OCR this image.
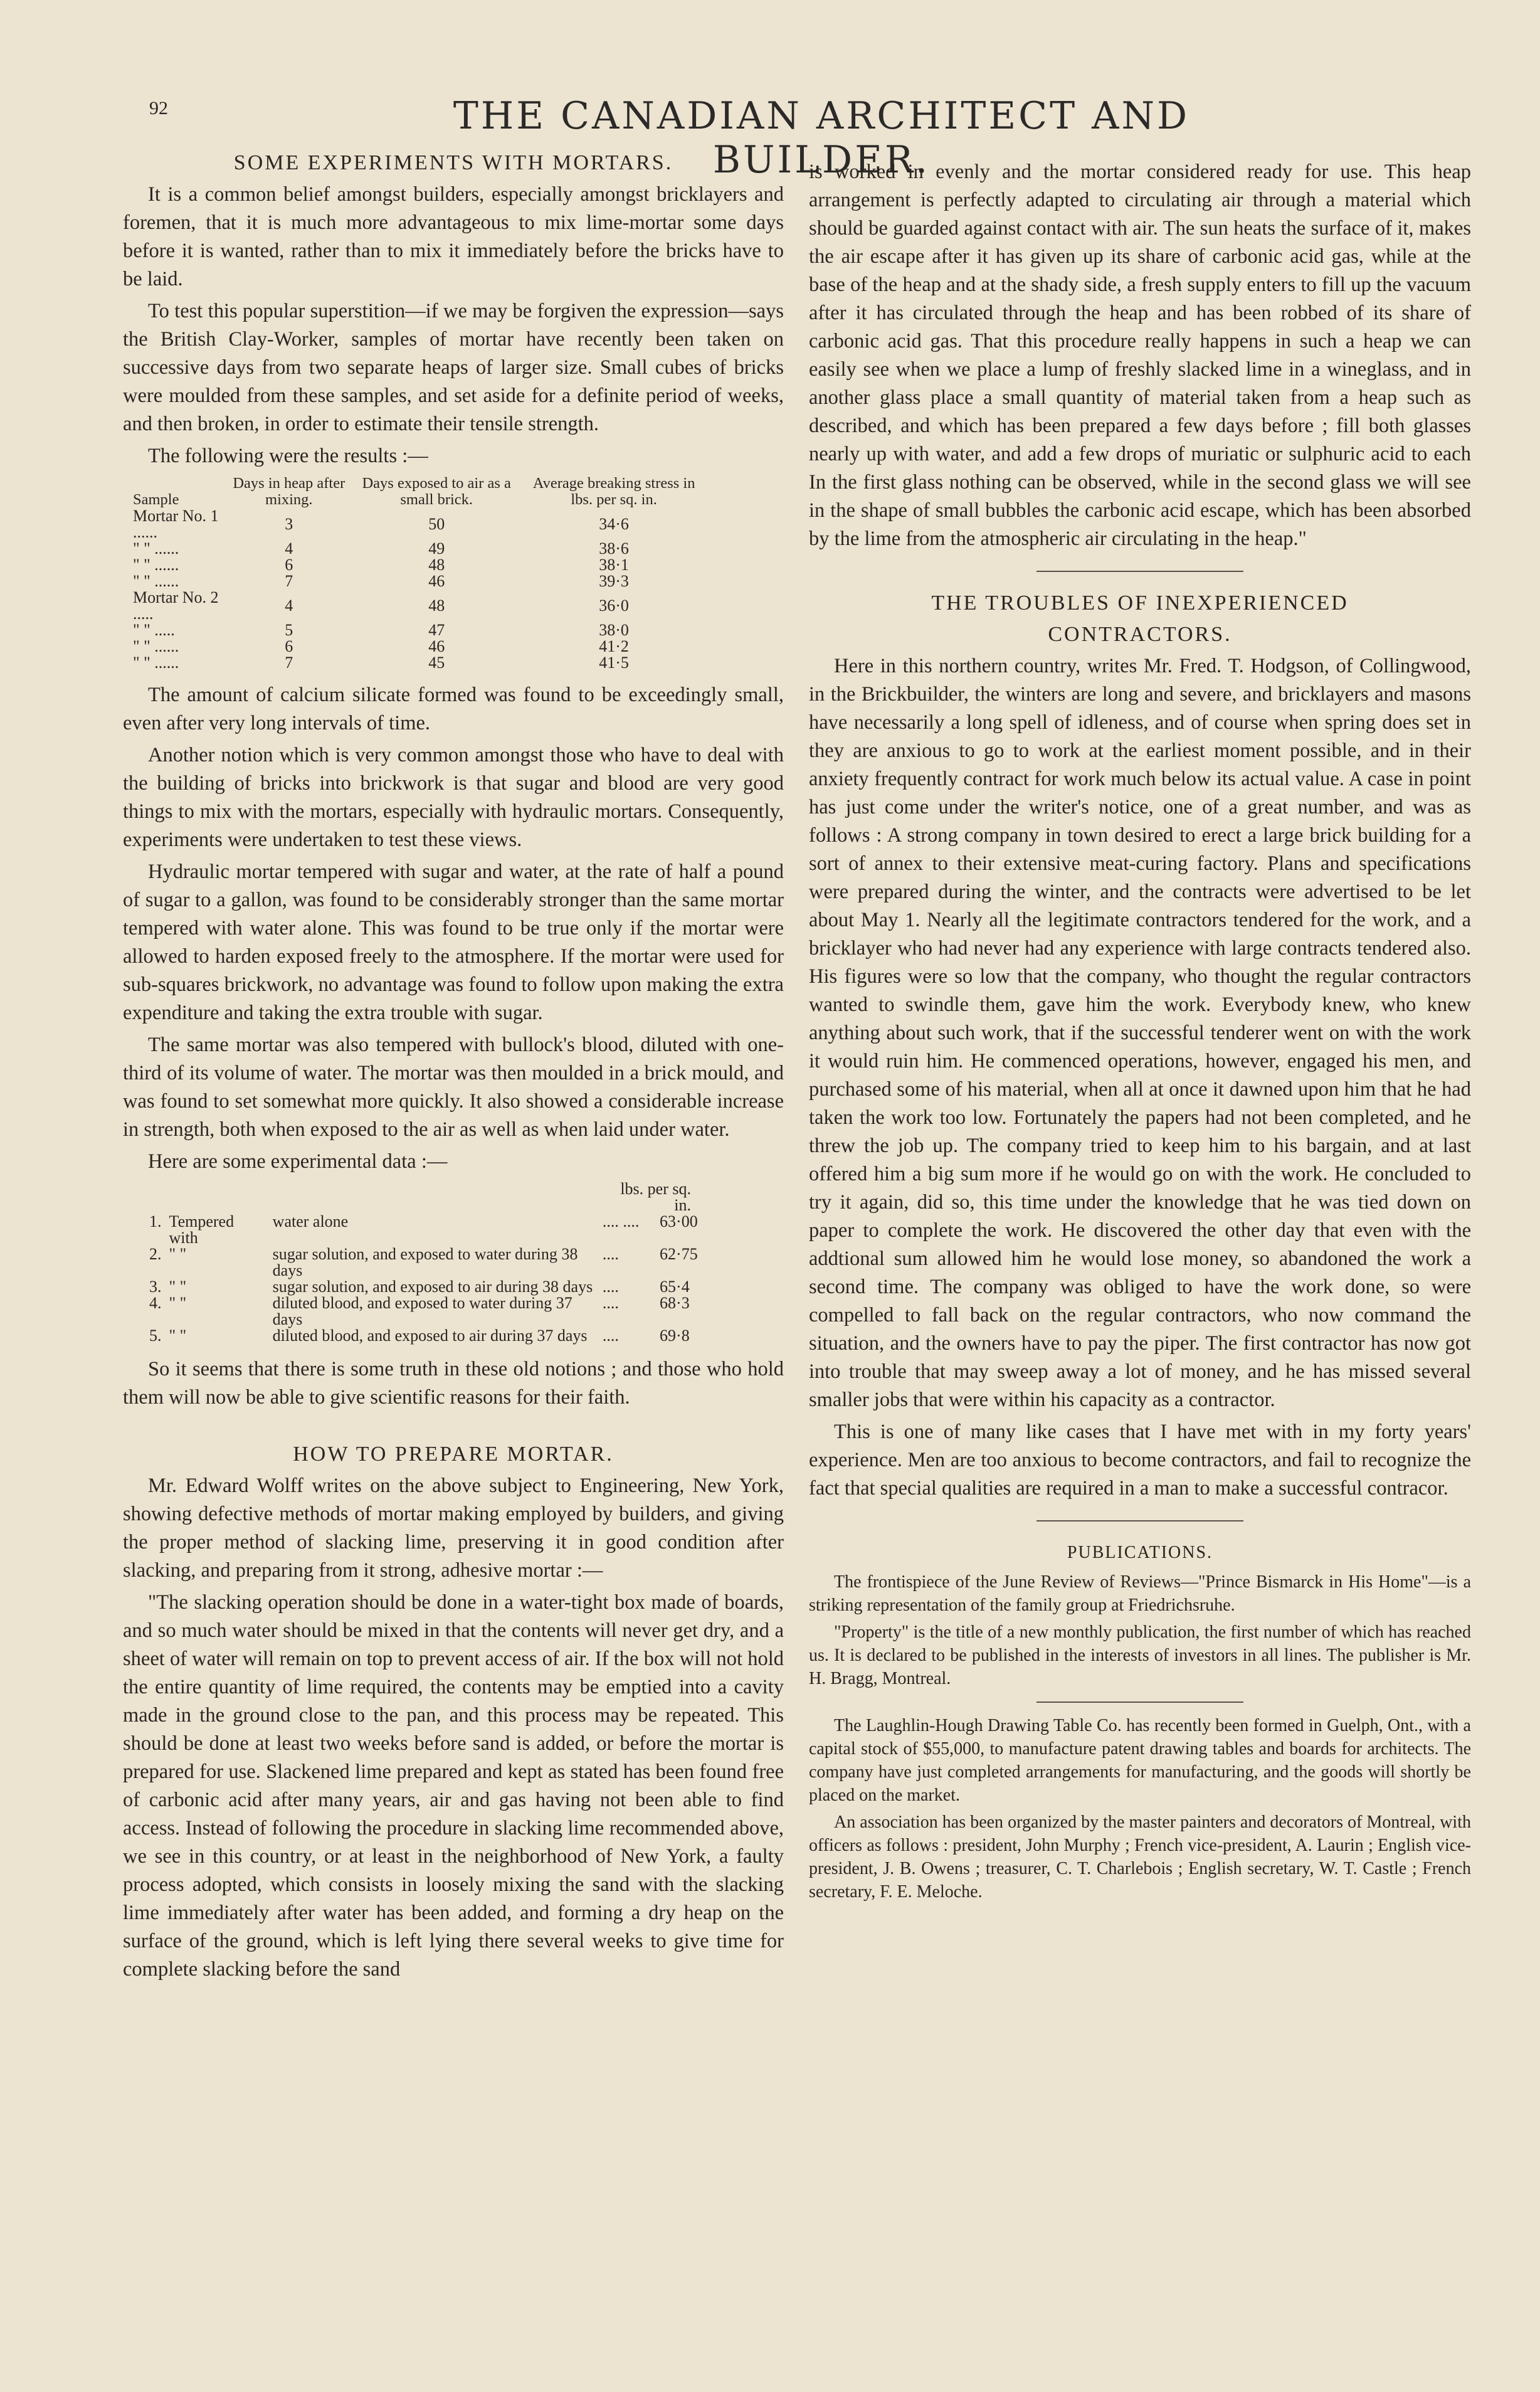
92	THE CANADIAN ARCHITECT AND BUILDER.
SOME EXPERIMENTS WITH MORTARS.

It is a common belief amongst builders, especially amongst bricklayers and foremen, that it is much more advantageous to mix lime-mortar some days before it is wanted, rather than to mix it immediately before the bricks have to be laid.

To test this popular superstition—if we may be forgiven the expression—says the British Clay-Worker, samples of mortar have recently been taken on successive days from two separate heaps of larger size. Small cubes of bricks were moulded from these samples, and set aside for a definite period of weeks, and then broken, in order to estimate their tensile strength.

The following were the results :—

Sample	Days in heap after mixing.	Days exposed to air as a small brick.	Average breaking stress in lbs. per sq. in.
Mortar No. 1 ......	3	50	34·6
" " ......	4	49	38·6
" " ......	6	48	38·1
" " ......	7	46	39·3
Mortar No. 2 .....	4	48	36·0
" " .....	5	47	38·0
" " ......	6	46	41·2
" " ......	7	45	41·5

The amount of calcium silicate formed was found to be exceedingly small, even after very long intervals of time.

Another notion which is very common amongst those who have to deal with the building of bricks into brickwork is that sugar and blood are very good things to mix with the mortars, especially with hydraulic mortars. Consequently, experiments were undertaken to test these views.

Hydraulic mortar tempered with sugar and water, at the rate of half a pound of sugar to a gallon, was found to be considerably stronger than the same mortar tempered with water alone. This was found to be true only if the mortar were allowed to harden exposed freely to the atmosphere. If the mortar were used for sub-squares brickwork, no advantage was found to follow upon making the extra expenditure and taking the extra trouble with sugar.

The same mortar was also tempered with bullock's blood, diluted with one-third of its volume of water. The mortar was then moulded in a brick mould, and was found to set somewhat more quickly. It also showed a considerable increase in strength, both when exposed to the air as well as when laid under water.

Here are some experimental data :—

			lbs. per sq. in.	
1.	Tempered with	water alone	.... ....	63·00
2.	" "	sugar solution, and exposed to water during 38 days	....	62·75
3.	" "	sugar solution, and exposed to air during 38 days	....	65·4
4.	" "	diluted blood, and exposed to water during 37 days	....	68·3
5.	" "	diluted blood, and exposed to air during 37 days	....	69·8

So it seems that there is some truth in these old notions ; and those who hold them will now be able to give scientific reasons for their faith.

HOW TO PREPARE MORTAR.

Mr. Edward Wolff writes on the above subject to Engineering, New York, showing defective methods of mortar making employed by builders, and giving the proper method of slacking lime, preserving it in good condition after slacking, and preparing from it strong, adhesive mortar :—

"The slacking operation should be done in a water-tight box made of boards, and so much water should be mixed in that the contents will never get dry, and a sheet of water will remain on top to prevent access of air. If the box will not hold the entire quantity of lime required, the contents may be emptied into a cavity made in the ground close to the pan, and this process may be repeated. This should be done at least two weeks before sand is added, or before the mortar is prepared for use. Slackened lime prepared and kept as stated has been found free of carbonic acid after many years, air and gas having not been able to find access. Instead of following the procedure in slacking lime recommended above, we see in this country, or at least in the neighborhood of New York, a faulty process adopted, which consists in loosely mixing the sand with the slacking lime immediately after water has been added, and forming a dry heap on the surface of the ground, which is left lying there several weeks to give time for complete slacking before the sand

is worked in evenly and the mortar considered ready for use. This heap arrangement is perfectly adapted to circulating air through a material which should be guarded against contact with air. The sun heats the surface of it, makes the air escape after it has given up its share of carbonic acid gas, while at the base of the heap and at the shady side, a fresh supply enters to fill up the vacuum after it has circulated through the heap and has been robbed of its share of carbonic acid gas. That this procedure really happens in such a heap we can easily see when we place a lump of freshly slacked lime in a wineglass, and in another glass place a small quantity of material taken from a heap such as described, and which has been prepared a few days before ; fill both glasses nearly up with water, and add a few drops of muriatic or sulphuric acid to each In the first glass nothing can be observed, while in the second glass we will see in the shape of small bubbles the carbonic acid escape, which has been absorbed by the lime from the atmospheric air circulating in the heap."

THE TROUBLES OF INEXPERIENCED
CONTRACTORS.

Here in this northern country, writes Mr. Fred. T. Hodgson, of Collingwood, in the Brickbuilder, the winters are long and severe, and bricklayers and masons have necessarily a long spell of idleness, and of course when spring does set in they are anxious to go to work at the earliest moment possible, and in their anxiety frequently contract for work much below its actual value. A case in point has just come under the writer's notice, one of a great number, and was as follows : A strong company in town desired to erect a large brick building for a sort of annex to their extensive meat-curing factory. Plans and specifications were prepared during the winter, and the contracts were advertised to be let about May 1. Nearly all the legitimate contractors tendered for the work, and a bricklayer who had never had any experience with large contracts tendered also. His figures were so low that the company, who thought the regular contractors wanted to swindle them, gave him the work. Everybody knew, who knew anything about such work, that if the successful tenderer went on with the work it would ruin him. He commenced operations, however, engaged his men, and purchased some of his material, when all at once it dawned upon him that he had taken the work too low. Fortunately the papers had not been completed, and he threw the job up. The company tried to keep him to his bargain, and at last offered him a big sum more if he would go on with the work. He concluded to try it again, did so, this time under the knowledge that he was tied down on paper to complete the work. He discovered the other day that even with the addtional sum allowed him he would lose money, so abandoned the work a second time. The company was obliged to have the work done, so were compelled to fall back on the regular contractors, who now command the situation, and the owners have to pay the piper. The first contractor has now got into trouble that may sweep away a lot of money, and he has missed several smaller jobs that were within his capacity as a contractor.

This is one of many like cases that I have met with in my forty years' experience. Men are too anxious to become contractors, and fail to recognize the fact that special qualities are required in a man to make a successful contracor.

PUBLICATIONS.

The frontispiece of the June Review of Reviews—"Prince Bismarck in His Home"—is a striking representation of the family group at Friedrichsruhe.

"Property" is the title of a new monthly publication, the first number of which has reached us. It is declared to be published in the interests of investors in all lines. The publisher is Mr. H. Bragg, Montreal.

The Laughlin-Hough Drawing Table Co. has recently been formed in Guelph, Ont., with a capital stock of $55,000, to manufacture patent drawing tables and boards for architects. The company have just completed arrangements for manufacturing, and the goods will shortly be placed on the market.

An association has been organized by the master painters and decorators of Montreal, with officers as follows : president, John Murphy ; French vice-president, A. Laurin ; English vice-president, J. B. Owens ; treasurer, C. T. Charlebois ; English secretary, W. T. Castle ; French secretary, F. E. Meloche.
